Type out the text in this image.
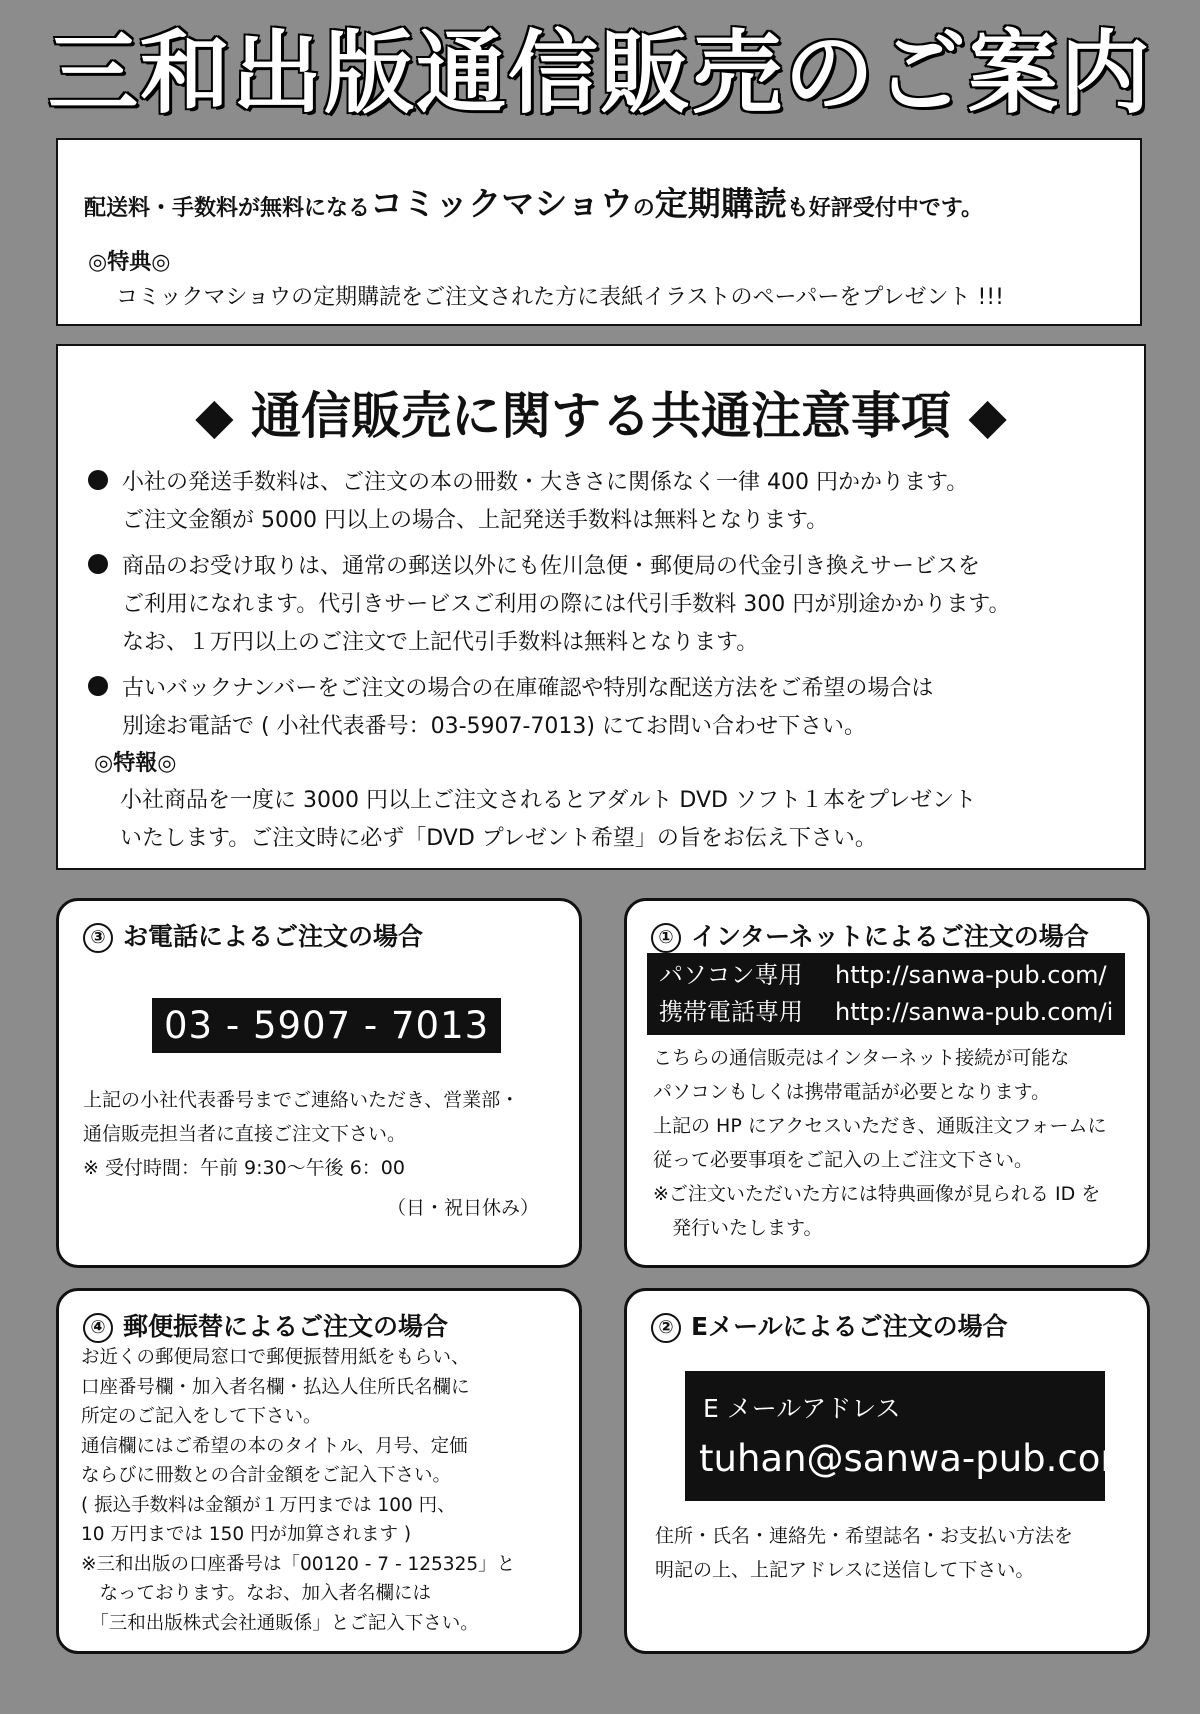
三和出版通信販売のご案内
配送料・手数料が無料になるコミックマショウの定期購読も好評受付中です。
◎特典◎
コミックマショウの定期購読をご注文された方に表紙イラストのペーパーをプレゼント !!!
◆ 通信販売に関する共通注意事項 ◆
小社の発送手数料は、ご注文の本の冊数・大きさに関係なく一律 400 円かかります。
ご注文金額が 5000 円以上の場合、上記発送手数料は無料となります。
商品のお受け取りは、通常の郵送以外にも佐川急便・郵便局の代金引き換えサービスを
ご利用になれます。代引きサービスご利用の際には代引手数料 300 円が別途かかります。
なお、１万円以上のご注文で上記代引手数料は無料となります。
古いバックナンバーをご注文の場合の在庫確認や特別な配送方法をご希望の場合は
別途お電話で ( 小社代表番号：03-5907-7013) にてお問い合わせ下さい。
◎特報◎
小社商品を一度に 3000 円以上ご注文されるとアダルト DVD ソフト１本をプレゼント
いたします。ご注文時に必ず「DVD プレゼント希望」の旨をお伝え下さい。
③ お電話によるご注文の場合
03 - 5907 - 7013
上記の小社代表番号までご連絡いただき、営業部・
通信販売担当者に直接ご注文下さい。
※ 受付時間：午前 9:30〜午後 6：00
（日・祝日休み）
① インターネットによるご注文の場合
パソコン専用 http://sanwa-pub.com/
携帯電話専用 http://sanwa-pub.com/i
こちらの通信販売はインターネット接続が可能な
パソコンもしくは携帯電話が必要となります。
上記の HP にアクセスいただき、通販注文フォームに
従って必要事項をご記入の上ご注文下さい。
※ご注文いただいた方には特典画像が見られる ID を
　発行いたします。
④ 郵便振替によるご注文の場合
お近くの郵便局窓口で郵便振替用紙をもらい、
口座番号欄・加入者名欄・払込人住所氏名欄に
所定のご記入をして下さい。
通信欄にはご希望の本のタイトル、月号、定価
ならびに冊数との合計金額をご記入下さい。
( 振込手数料は金額が１万円までは 100 円、
10 万円までは 150 円が加算されます )
※三和出版の口座番号は「00120 - 7 - 125325」と
　なっております。なお、加入者名欄には
　「三和出版株式会社通販係」とご記入下さい。
② Eメールによるご注文の場合
E メールアドレス
tuhan@sanwa-pub.com
住所・氏名・連絡先・希望誌名・お支払い方法を
明記の上、上記アドレスに送信して下さい。
